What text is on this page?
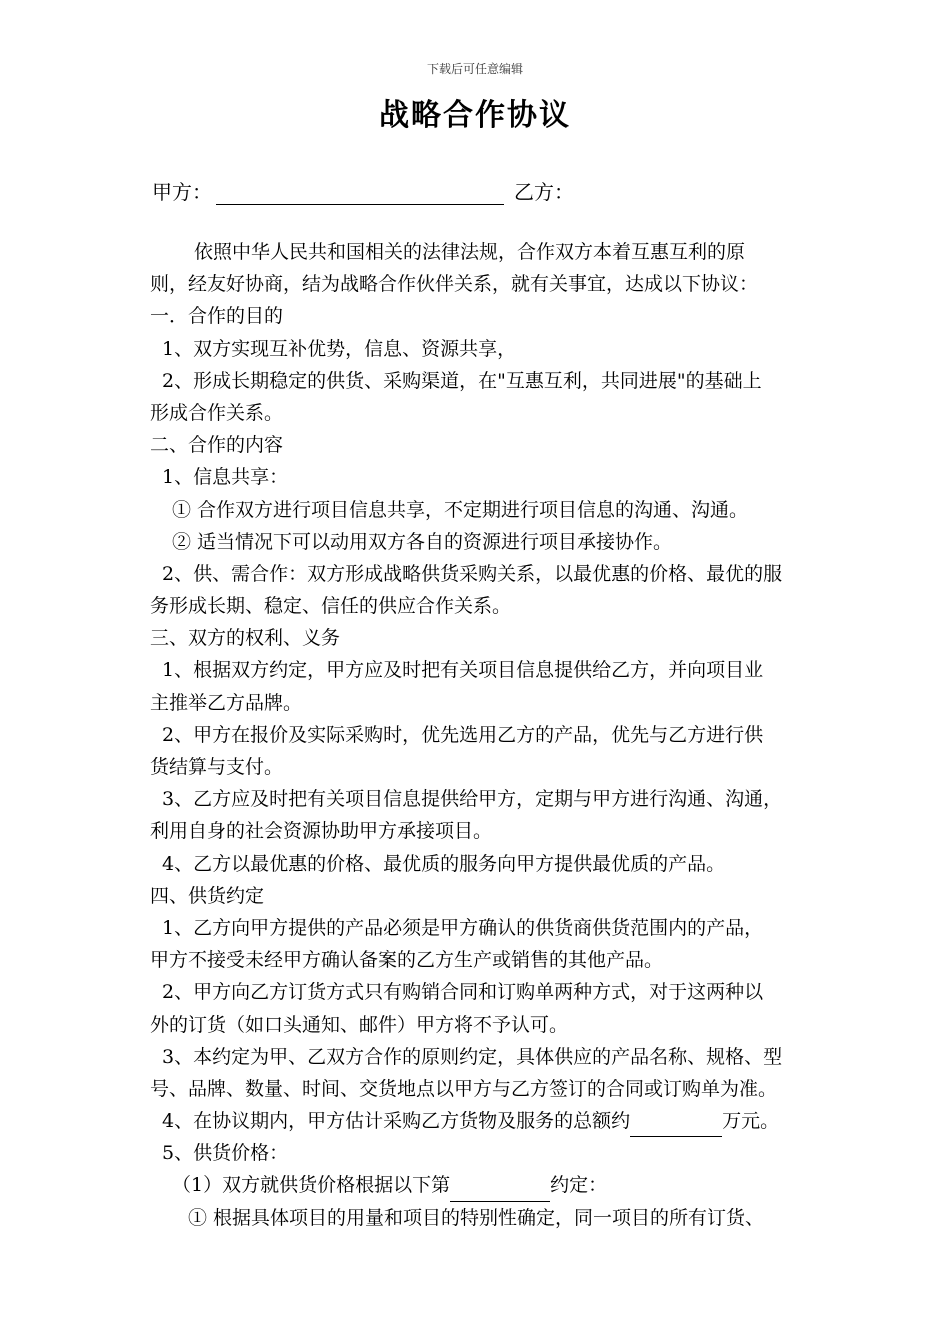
下载后可任意编辑
战略合作协议
甲方：	乙方：
依照中华人民共和国相关的法律法规，合作双方本着互惠互利的原
则，经友好协商，结为战略合作伙伴关系，就有关事宜，达成以下协议：
一．合作的目的
1、双方实现互补优势，信息、资源共享，
2、形成长期稳定的供货、采购渠道，在"互惠互利，共同进展"的基础上
形成合作关系。
二、合作的内容
1、信息共享：
① 合作双方进行项目信息共享，不定期进行项目信息的沟通、沟通。
② 适当情况下可以动用双方各自的资源进行项目承接协作。
2、供、需合作：双方形成战略供货采购关系，以最优惠的价格、最优的服
务形成长期、稳定、信任的供应合作关系。
三、双方的权利、义务
1、根据双方约定，甲方应及时把有关项目信息提供给乙方，并向项目业
主推举乙方品牌。
2、甲方在报价及实际采购时，优先选用乙方的产品，优先与乙方进行供
货结算与支付。
3、乙方应及时把有关项目信息提供给甲方，定期与甲方进行沟通、沟通，
利用自身的社会资源协助甲方承接项目。
4、乙方以最优惠的价格、最优质的服务向甲方提供最优质的产品。
四、供货约定
1、乙方向甲方提供的产品必须是甲方确认的供货商供货范围内的产品，
甲方不接受未经甲方确认备案的乙方生产或销售的其他产品。
2、甲方向乙方订货方式只有购销合同和订购单两种方式，对于这两种以
外的订货（如口头通知、邮件）甲方将不予认可。
3、本约定为甲、乙双方合作的原则约定，具体供应的产品名称、规格、型
号、品牌、数量、时间、交货地点以甲方与乙方签订的合同或订购单为准。
4、在协议期内，甲方估计采购乙方货物及服务的总额约	万元。
5、供货价格：
（1）双方就供货价格根据以下第	约定：
① 根据具体项目的用量和项目的特别性确定，同一项目的所有订货、
